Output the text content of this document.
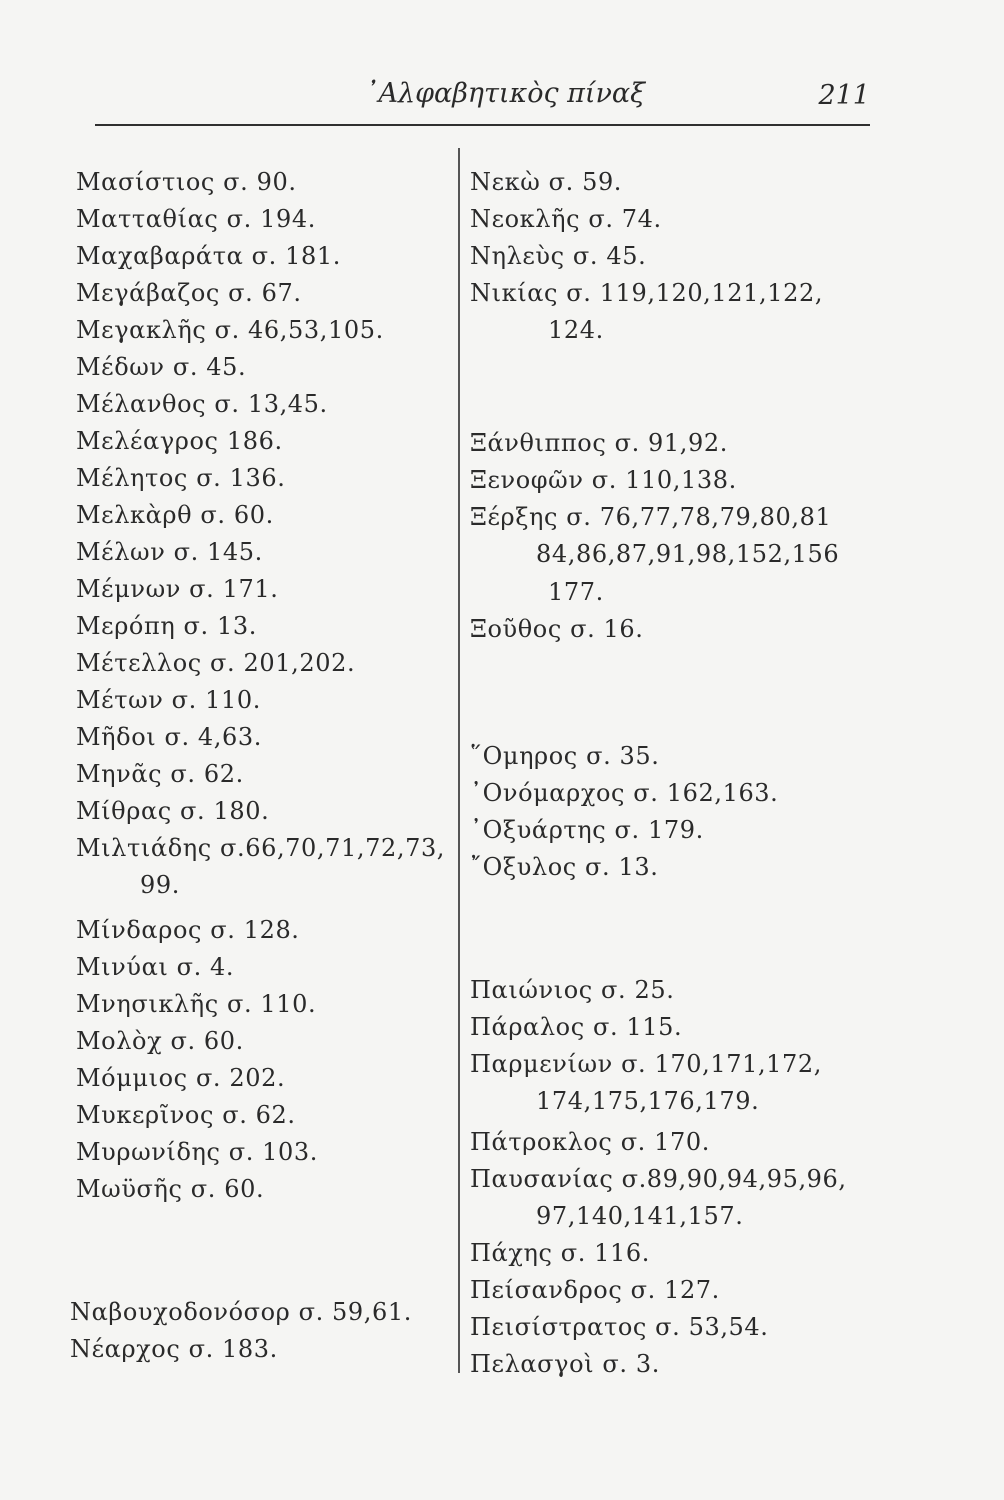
᾿Αλφαβητικὸς πίναξ	211
Μασίστιος σ. 90.
Ματταθίας σ. 194.
Μαχαβαράτα σ. 181.
Μεγάβαζος σ. 67.
Μεγακλῆς σ. 46,53,105.
Μέδων σ. 45.
Μέλανθος σ. 13,45.
Μελέαγρος 186.
Μέλητος σ. 136.
Μελκὰρθ σ. 60.
Μέλων σ. 145.
Μέμνων σ. 171.
Μερόπη σ. 13.
Μέτελλος σ. 201,202.
Μέτων σ. 110.
Μῆδοι σ. 4,63.
Μηνᾶς σ. 62.
Μίθρας σ. 180.
Μιλτιάδης σ.66,70,71,72,73,
99.
Μίνδαρος σ. 128.
Μινύαι σ. 4.
Μνησικλῆς σ. 110.
Μολὸχ σ. 60.
Μόμμιος σ. 202.
Μυκερῖνος σ. 62.
Μυρωνίδης σ. 103.
Μωϋσῆς σ. 60.
Ναβουχοδονόσορ σ. 59,61.
Νέαρχος σ. 183.
Νεκὼ σ. 59.
Νεοκλῆς σ. 74.
Νηλεὺς σ. 45.
Νικίας σ. 119,120,121,122,
124.
Ξάνθιππος σ. 91,92.
Ξενοφῶν σ. 110,138.
Ξέρξης σ. 76,77,78,79,80,81
84,86,87,91,98,152,156
177.
Ξοῦθος σ. 16.
῞Ομηρος σ. 35.
᾿Ονόμαρχος σ. 162,163.
᾿Οξυάρτης σ. 179.
῎Οξυλος σ. 13.
Παιώνιος σ. 25.
Πάραλος σ. 115.
Παρμενίων σ. 170,171,172,
174,175,176,179.
Πάτροκλος σ. 170.
Παυσανίας σ.89,90,94,95,96,
97,140,141,157.
Πάχης σ. 116.
Πείσανδρος σ. 127.
Πεισίστρατος σ. 53,54.
Πελασγοὶ σ. 3.
